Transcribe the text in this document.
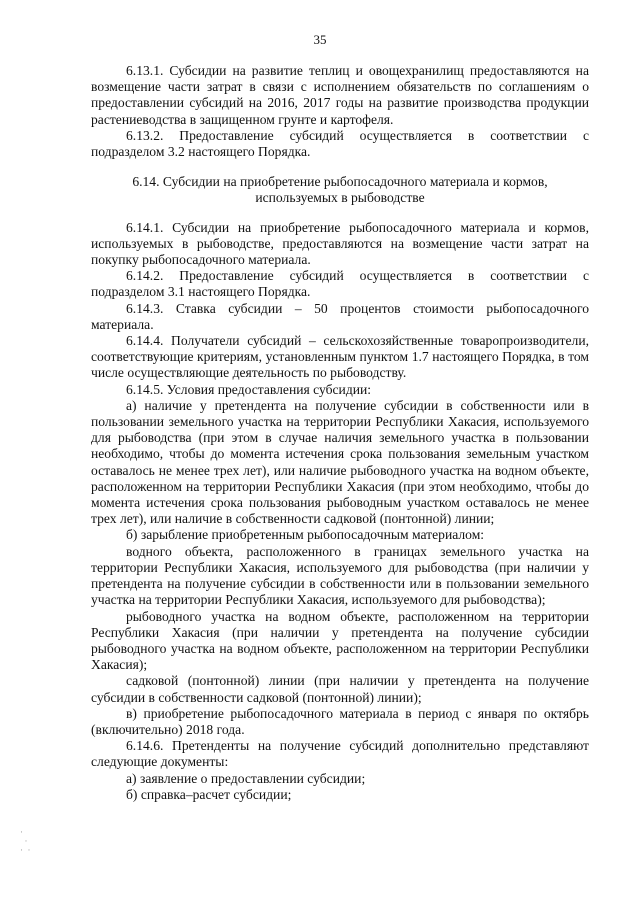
35

6.13.1. Субсидии на развитие теплиц и овощехранилищ предоставляются на возмещение части затрат в связи с исполнением обязательств по соглашениям о предоставлении субсидий на 2016, 2017 годы на развитие производства продукции растениеводства в защищенном грунте и картофеля.

6.13.2. Предоставление субсидий осуществляется в соответствии с подразделом 3.2 настоящего Порядка.

6.14. Субсидии на приобретение рыбопосадочного материала и кормов, используемых в рыбоводстве

6.14.1. Субсидии на приобретение рыбопосадочного материала и кормов, используемых в рыбоводстве, предоставляются на возмещение части затрат на покупку рыбопосадочного материала.

6.14.2. Предоставление субсидий осуществляется в соответствии с подразделом 3.1 настоящего Порядка.

6.14.3. Ставка субсидии – 50 процентов стоимости рыбопосадочного материала.

6.14.4. Получатели субсидий – сельскохозяйственные товаропроизводители, соответствующие критериям, установленным пунктом 1.7 настоящего Порядка, в том числе осуществляющие деятельность по рыбоводству.

6.14.5. Условия предоставления субсидии:

а) наличие у претендента на получение субсидии в собственности или в пользовании земельного участка на территории Республики Хакасия, используемого для рыбоводства (при этом в случае наличия земельного участка в пользовании необходимо, чтобы до момента истечения срока пользования земельным участком оставалось не менее трех лет), или наличие рыбоводного участка на водном объекте, расположенном на территории Республики Хакасия (при этом необходимо, чтобы до момента истечения срока пользования рыбоводным участком оставалось не менее трех лет), или наличие в собственности садковой (понтонной) линии;

б) зарыбление приобретенным рыбопосадочным материалом:

водного объекта, расположенного в границах земельного участка на территории Республики Хакасия, используемого для рыбоводства (при наличии у претендента на получение субсидии в собственности или в пользовании земельного участка на территории Республики Хакасия, используемого для рыбоводства);

рыбоводного участка на водном объекте, расположенном на территории Республики Хакасия (при наличии у претендента на получение субсидии рыбоводного участка на водном объекте, расположенном на территории Республики Хакасия);

садковой (понтонной) линии (при наличии у претендента на получение субсидии в собственности садковой (понтонной) линии);

в) приобретение рыбопосадочного материала в период с января по октябрь (включительно) 2018 года.

6.14.6. Претенденты на получение субсидий дополнительно представляют следующие документы:

а) заявление о предоставлении субсидии;

б) справка–расчет субсидии;

·
·
·  ·
